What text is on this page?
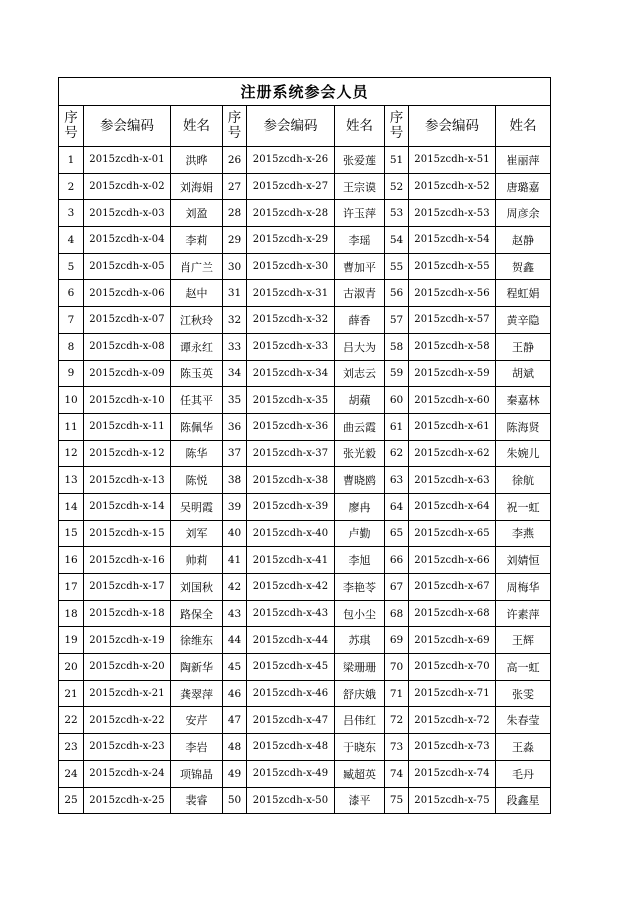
注册系统参会人员								
序号	参会编码	姓名	序号	参会编码	姓名	序号	参会编码	姓名
1	2015zcdh-x-01	洪晔	26	2015zcdh-x-26	张爱莲	51	2015zcdh-x-51	崔丽萍
2	2015zcdh-x-02	刘海娟	27	2015zcdh-x-27	王宗谟	52	2015zcdh-x-52	唐璐嘉
3	2015zcdh-x-03	刘盈	28	2015zcdh-x-28	许玉萍	53	2015zcdh-x-53	周彦余
4	2015zcdh-x-04	李莉	29	2015zcdh-x-29	李瑶	54	2015zcdh-x-54	赵静
5	2015zcdh-x-05	肖广兰	30	2015zcdh-x-30	曹加平	55	2015zcdh-x-55	贺鑫
6	2015zcdh-x-06	赵中	31	2015zcdh-x-31	古淑青	56	2015zcdh-x-56	程虹娟
7	2015zcdh-x-07	江秋玲	32	2015zcdh-x-32	薛香	57	2015zcdh-x-57	黄辛隐
8	2015zcdh-x-08	谭永红	33	2015zcdh-x-33	吕大为	58	2015zcdh-x-58	王静
9	2015zcdh-x-09	陈玉英	34	2015zcdh-x-34	刘志云	59	2015zcdh-x-59	胡斌
10	2015zcdh-x-10	任其平	35	2015zcdh-x-35	胡蘋	60	2015zcdh-x-60	秦嘉林
11	2015zcdh-x-11	陈佩华	36	2015zcdh-x-36	曲云霞	61	2015zcdh-x-61	陈海贤
12	2015zcdh-x-12	陈华	37	2015zcdh-x-37	张光毅	62	2015zcdh-x-62	朱婉儿
13	2015zcdh-x-13	陈悦	38	2015zcdh-x-38	曹晓鸥	63	2015zcdh-x-63	徐航
14	2015zcdh-x-14	吴明霞	39	2015zcdh-x-39	廖冉	64	2015zcdh-x-64	祝一虹
15	2015zcdh-x-15	刘军	40	2015zcdh-x-40	卢勤	65	2015zcdh-x-65	李燕
16	2015zcdh-x-16	帅莉	41	2015zcdh-x-41	李旭	66	2015zcdh-x-66	刘婧恒
17	2015zcdh-x-17	刘国秋	42	2015zcdh-x-42	李艳苓	67	2015zcdh-x-67	周梅华
18	2015zcdh-x-18	路保全	43	2015zcdh-x-43	包小尘	68	2015zcdh-x-68	许素萍
19	2015zcdh-x-19	徐维东	44	2015zcdh-x-44	苏琪	69	2015zcdh-x-69	王辉
20	2015zcdh-x-20	陶新华	45	2015zcdh-x-45	梁珊珊	70	2015zcdh-x-70	高一虹
21	2015zcdh-x-21	龚翠萍	46	2015zcdh-x-46	舒庆娥	71	2015zcdh-x-71	张雯
22	2015zcdh-x-22	安芹	47	2015zcdh-x-47	吕伟红	72	2015zcdh-x-72	朱春莹
23	2015zcdh-x-23	李岩	48	2015zcdh-x-48	于晓东	73	2015zcdh-x-73	王淼
24	2015zcdh-x-24	项锦晶	49	2015zcdh-x-49	臧超英	74	2015zcdh-x-74	毛丹
25	2015zcdh-x-25	裴睿	50	2015zcdh-x-50	漆平	75	2015zcdh-x-75	段鑫星
